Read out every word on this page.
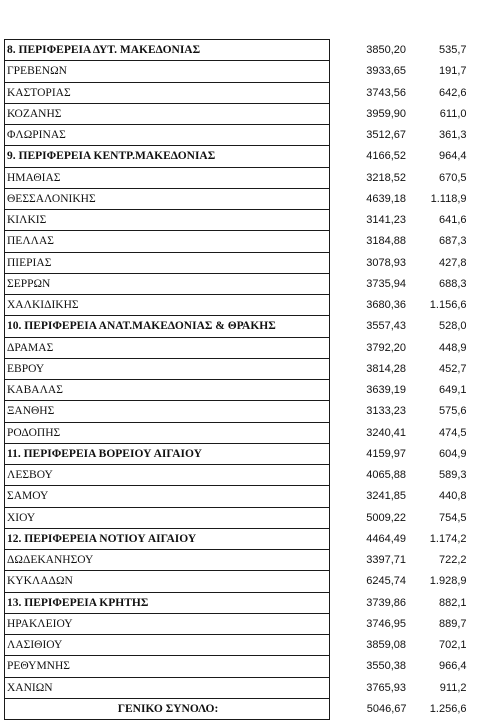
8. ΠΕΡΙΦΕΡΕΙΑ ΔΥΤ. ΜΑΚΕΔΟΝΙΑΣ	3850,20	535,7
ΓΡΕΒΕΝΩΝ	3933,65	191,7
ΚΑΣΤΟΡΙΑΣ	3743,56	642,6
ΚΟΖΑΝΗΣ	3959,90	611,0
ΦΛΩΡΙΝΑΣ	3512,67	361,3
9. ΠΕΡΙΦΕΡΕΙΑ ΚΕΝΤΡ.ΜΑΚΕΔΟΝΙΑΣ	4166,52	964,4
ΗΜΑΘΙΑΣ	3218,52	670,5
ΘΕΣΣΑΛΟΝΙΚΗΣ	4639,18	1.118,9
ΚΙΛΚΙΣ	3141,23	641,6
ΠΕΛΛΑΣ	3184,88	687,3
ΠΙΕΡΙΑΣ	3078,93	427,8
ΣΕΡΡΩΝ	3735,94	688,3
ΧΑΛΚΙΔΙΚΗΣ	3680,36	1.156,6
10. ΠΕΡΙΦΕΡΕΙΑ ΑΝΑΤ.ΜΑΚΕΔΟΝΙΑΣ & ΘΡΑΚΗΣ	3557,43	528,0
ΔΡΑΜΑΣ	3792,20	448,9
ΕΒΡΟΥ	3814,28	452,7
ΚΑΒΑΛΑΣ	3639,19	649,1
ΞΑΝΘΗΣ	3133,23	575,6
ΡΟΔΟΠΗΣ	3240,41	474,5
11. ΠΕΡΙΦΕΡΕΙΑ ΒΟΡΕΙΟΥ ΑΙΓΑΙΟΥ	4159,97	604,9
ΛΕΣΒΟΥ	4065,88	589,3
ΣΑΜΟΥ	3241,85	440,8
ΧΙΟΥ	5009,22	754,5
12. ΠΕΡΙΦΕΡΕΙΑ ΝΟΤΙΟΥ ΑΙΓΑΙΟΥ	4464,49	1.174,2
ΔΩΔΕΚΑΝΗΣΟΥ	3397,71	722,2
ΚΥΚΛΑΔΩΝ	6245,74	1.928,9
13. ΠΕΡΙΦΕΡΕΙΑ ΚΡΗΤΗΣ	3739,86	882,1
ΗΡΑΚΛΕΙΟΥ	3746,95	889,7
ΛΑΣΙΘΙΟΥ	3859,08	702,1
ΡΕΘΥΜΝΗΣ	3550,38	966,4
ΧΑΝΙΩΝ	3765,93	911,2
ΓΕΝΙΚΟ ΣΥΝΟΛΟ:	5046,67	1.256,6
